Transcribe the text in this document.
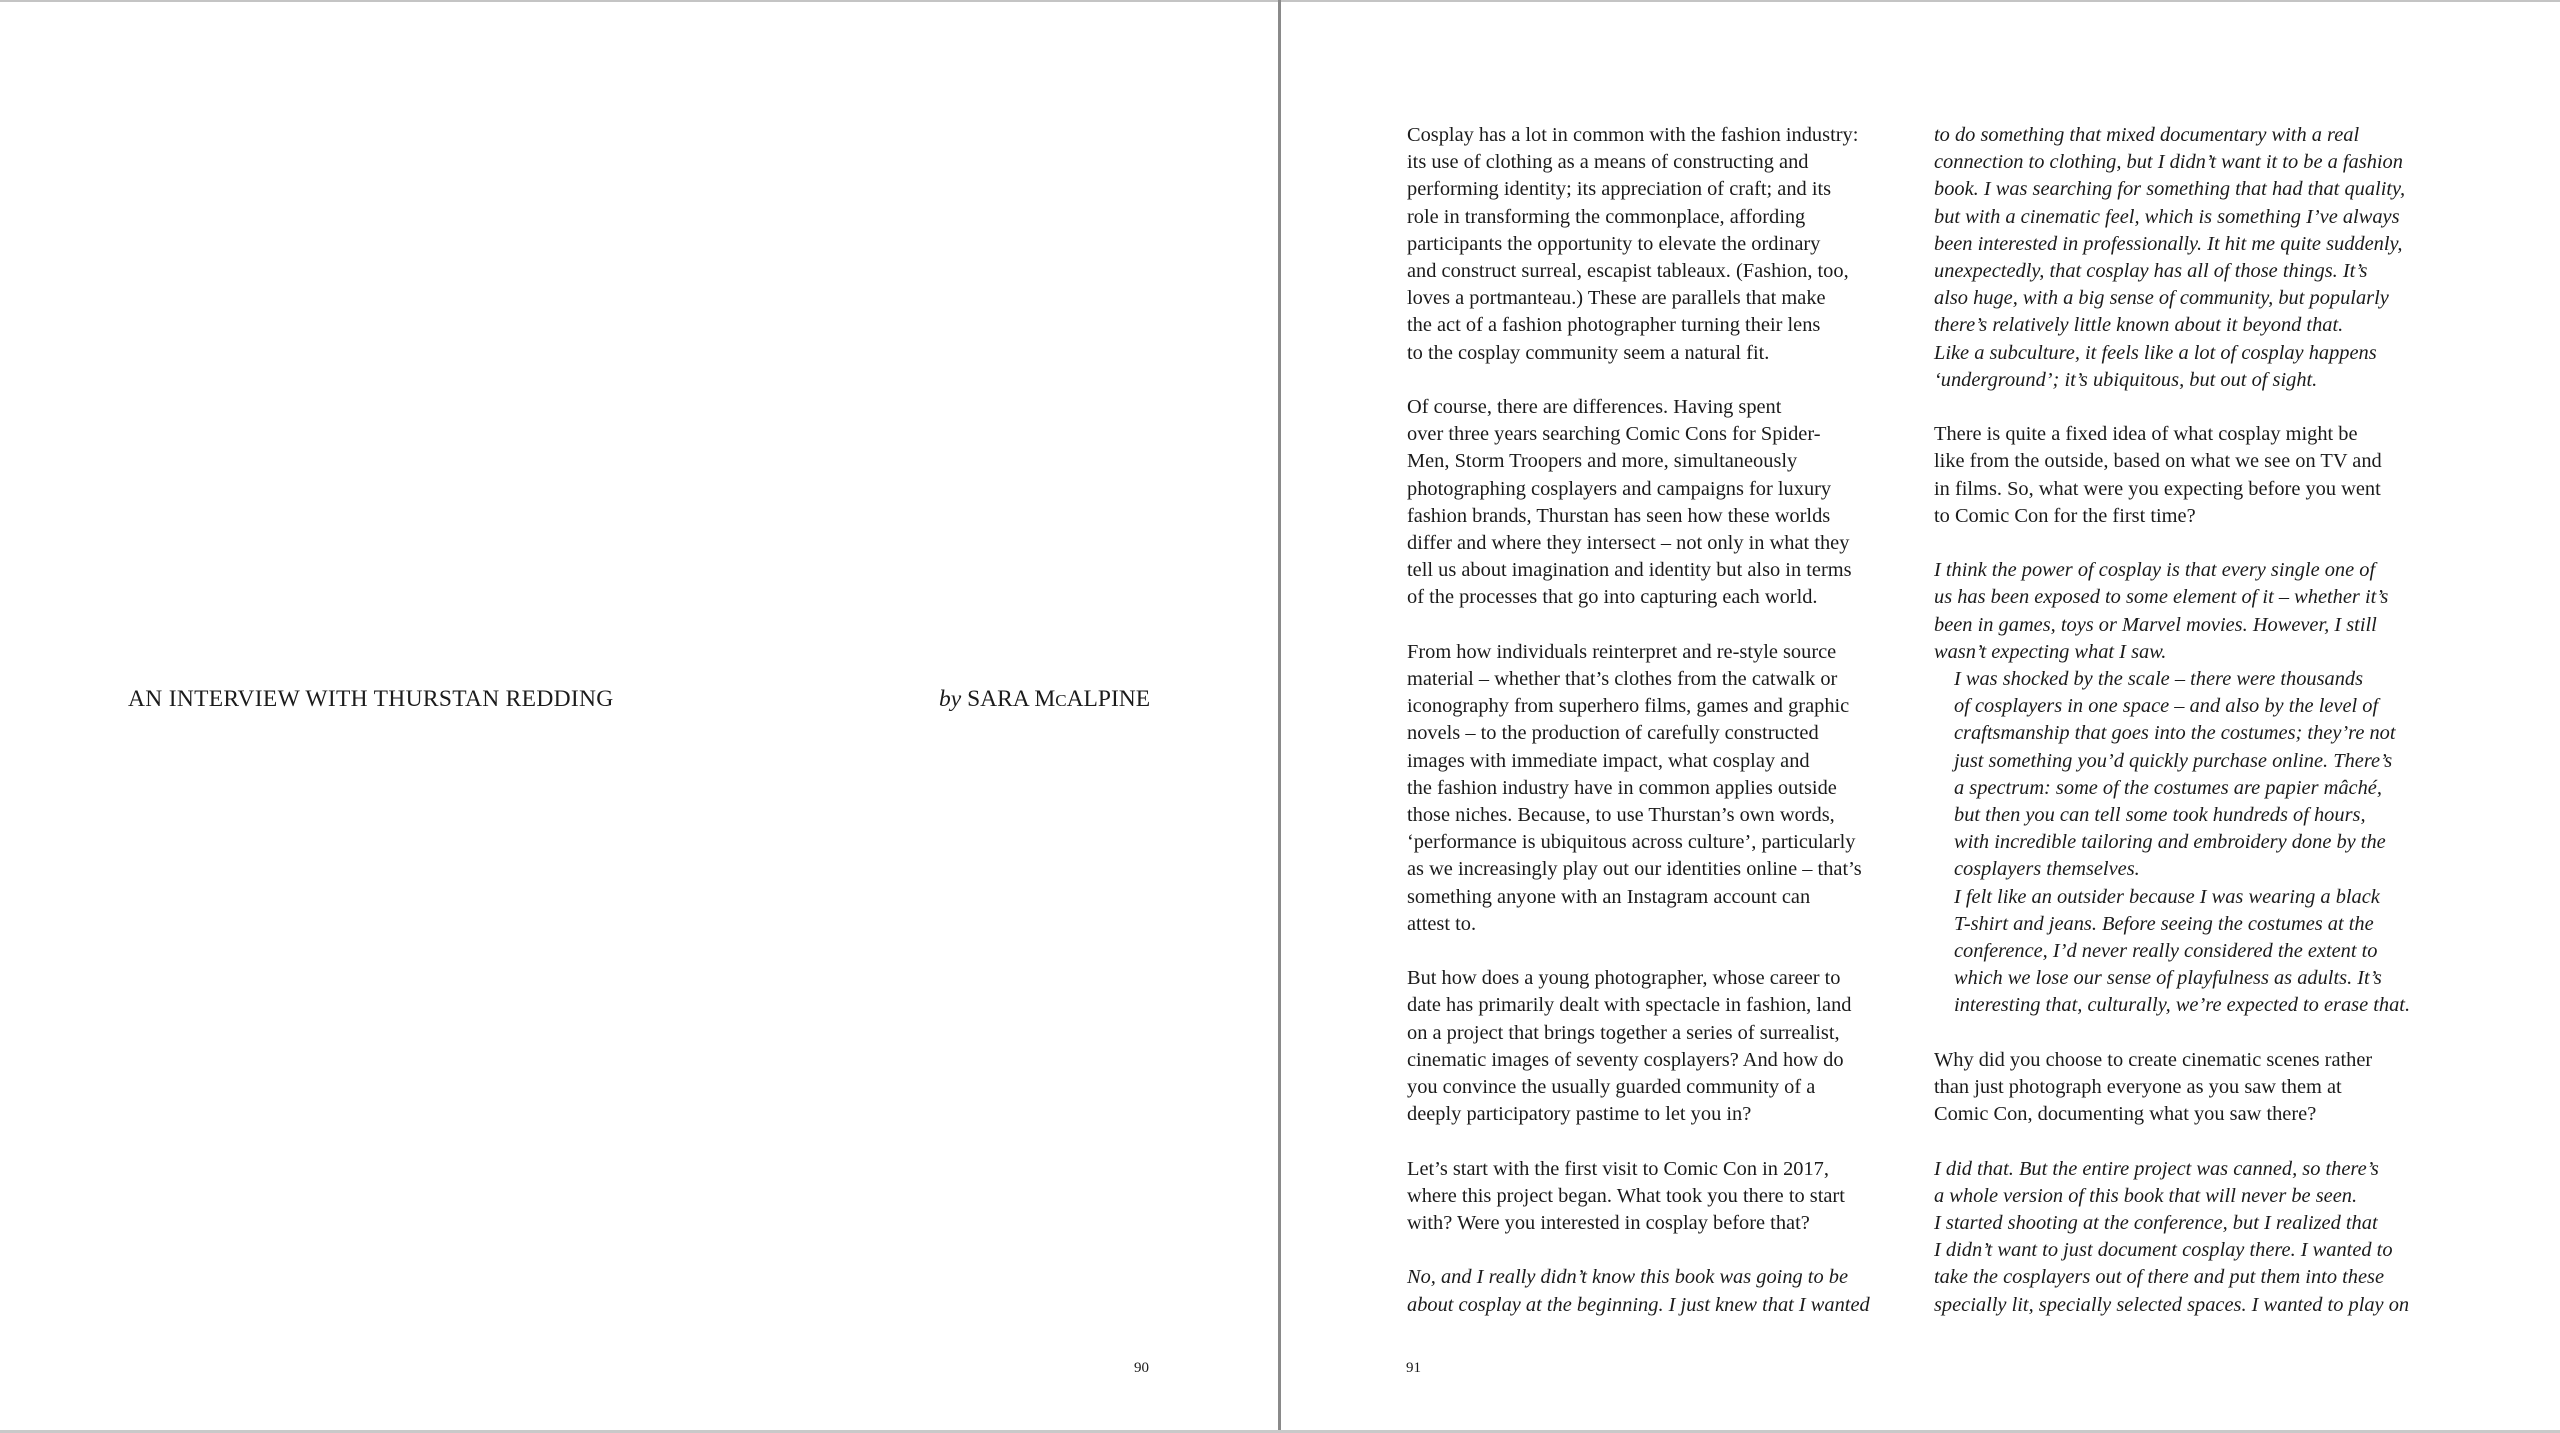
AN INTERVIEW WITH THURSTAN REDDING	by SARA MCALPINE
90

Cosplay has a lot in common with the fashion industry:
its use of clothing as a means of constructing and
performing identity; its appreciation of craft; and its
role in transforming the commonplace, affording
participants the opportunity to elevate the ordinary
and construct surreal, escapist tableaux. (Fashion, too,
loves a portmanteau.) These are parallels that make
the act of a fashion photographer turning their lens
to the cosplay community seem a natural fit.

Of course, there are differences. Having spent
over three years searching Comic Cons for Spider-
Men, Storm Troopers and more, simultaneously
photographing cosplayers and campaigns for luxury
fashion brands, Thurstan has seen how these worlds
differ and where they intersect – not only in what they
tell us about imagination and identity but also in terms
of the processes that go into capturing each world.

From how individuals reinterpret and re-style source
material – whether that’s clothes from the catwalk or
iconography from superhero films, games and graphic
novels – to the production of carefully constructed
images with immediate impact, what cosplay and
the fashion industry have in common applies outside
those niches. Because, to use Thurstan’s own words,
‘performance is ubiquitous across culture’, particularly
as we increasingly play out our identities online – that’s
something anyone with an Instagram account can
attest to.

But how does a young photographer, whose career to
date has primarily dealt with spectacle in fashion, land
on a project that brings together a series of surrealist,
cinematic images of seventy cosplayers? And how do
you convince the usually guarded community of a
deeply participatory pastime to let you in?

Let’s start with the first visit to Comic Con in 2017,
where this project began. What took you there to start
with? Were you interested in cosplay before that?

No, and I really didn’t know this book was going to be
about cosplay at the beginning. I just knew that I wanted

to do something that mixed documentary with a real
connection to clothing, but I didn’t want it to be a fashion
book. I was searching for something that had that quality,
but with a cinematic feel, which is something I’ve always
been interested in professionally. It hit me quite suddenly,
unexpectedly, that cosplay has all of those things. It’s
also huge, with a big sense of community, but popularly
there’s relatively little known about it beyond that.
Like a subculture, it feels like a lot of cosplay happens
‘underground’; it’s ubiquitous, but out of sight.

There is quite a fixed idea of what cosplay might be
like from the outside, based on what we see on TV and
in films. So, what were you expecting before you went
to Comic Con for the first time?

I think the power of cosplay is that every single one of
us has been exposed to some element of it – whether it’s
been in games, toys or Marvel movies. However, I still
wasn’t expecting what I saw.

I was shocked by the scale – there were thousands
of cosplayers in one space – and also by the level of
craftsmanship that goes into the costumes; they’re not
just something you’d quickly purchase online. There’s
a spectrum: some of the costumes are papier mâché,
but then you can tell some took hundreds of hours,
with incredible tailoring and embroidery done by the
cosplayers themselves.

I felt like an outsider because I was wearing a black
T-shirt and jeans. Before seeing the costumes at the
conference, I’d never really considered the extent to
which we lose our sense of playfulness as adults. It’s
interesting that, culturally, we’re expected to erase that.

Why did you choose to create cinematic scenes rather
than just photograph everyone as you saw them at
Comic Con, documenting what you saw there?

I did that. But the entire project was canned, so there’s
a whole version of this book that will never be seen.
I started shooting at the conference, but I realized that
I didn’t want to just document cosplay there. I wanted to
take the cosplayers out of there and put them into these
specially lit, specially selected spaces. I wanted to play on

91
